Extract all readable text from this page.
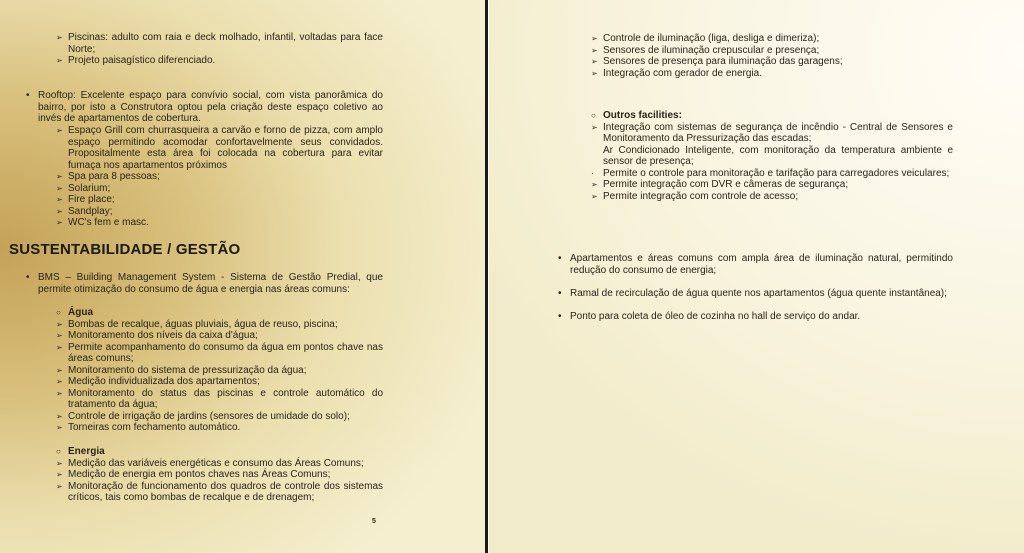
➢ Piscinas: adulto com raia e deck molhado, infantil, voltadas para face Norte;
➢ Projeto paisagístico diferenciado.
• Rooftop: Excelente espaço para convívio social, com vista panorâmica do bairro, por isto a Construtora optou pela criação deste espaço coletivo ao invés de apartamentos de cobertura.
➢ Espaço Grill com churrasqueira a carvão e forno de pizza, com amplo espaço permitindo acomodar confortavelmente seus convidados. Propositalmente esta área foi colocada na cobertura para evitar fumaça nos apartamentos próximos
➢ Spa para 8 pessoas;
➢ Solarium;
➢ Fire place;
➢ Sandplay;
➢ WC's fem e masc.
SUSTENTABILIDADE / GESTÃO
• BMS – Building Management System - Sistema de Gestão Predial, que permite otimização do consumo de água e energia nas áreas comuns:
○ Água
➢ Bombas de recalque, águas pluviais, água de reuso, piscina;
➢ Monitoramento dos níveis da caixa d'água;
➢ Permite acompanhamento do consumo da água em pontos chave nas áreas comuns;
➢ Monitoramento do sistema de pressurização da água;
➢ Medição individualizada dos apartamentos;
➢ Monitoramento do status das piscinas e controle automático do tratamento da água;
➢ Controle de irrigação de jardins (sensores de umidade do solo);
➢ Torneiras com fechamento automático.
○ Energia
➢ Medição das variáveis energéticas e consumo das Áreas Comuns;
➢ Medição de energia em pontos chaves nas Áreas Comuns;
➢ Monitoração de funcionamento dos quadros de controle dos sistemas críticos, tais como bombas de recalque e de drenagem;
5
➢ Controle de iluminação (liga, desliga e dimeriza);
➢ Sensores de iluminação crepuscular e presença;
➢ Sensores de presença para iluminação das garagens;
➢ Integração com gerador de energia.
○ Outros facilities:
➢ Integração com sistemas de segurança de incêndio - Central de Sensores e Monitoramento da Pressurização das escadas;
Ar Condicionado Inteligente, com monitoração da temperatura ambiente e sensor de presença;
· Permite o controle para monitoração e tarifação para carregadores veiculares;
➢ Permite integração com DVR e câmeras de segurança;
➢ Permite integração com controle de acesso;
• Apartamentos e áreas comuns com ampla área de iluminação natural, permitindo redução do consumo de energia;
• Ramal de recirculação de água quente nos apartamentos (água quente instantânea);
• Ponto para coleta de óleo de cozinha no hall de serviço do andar.
